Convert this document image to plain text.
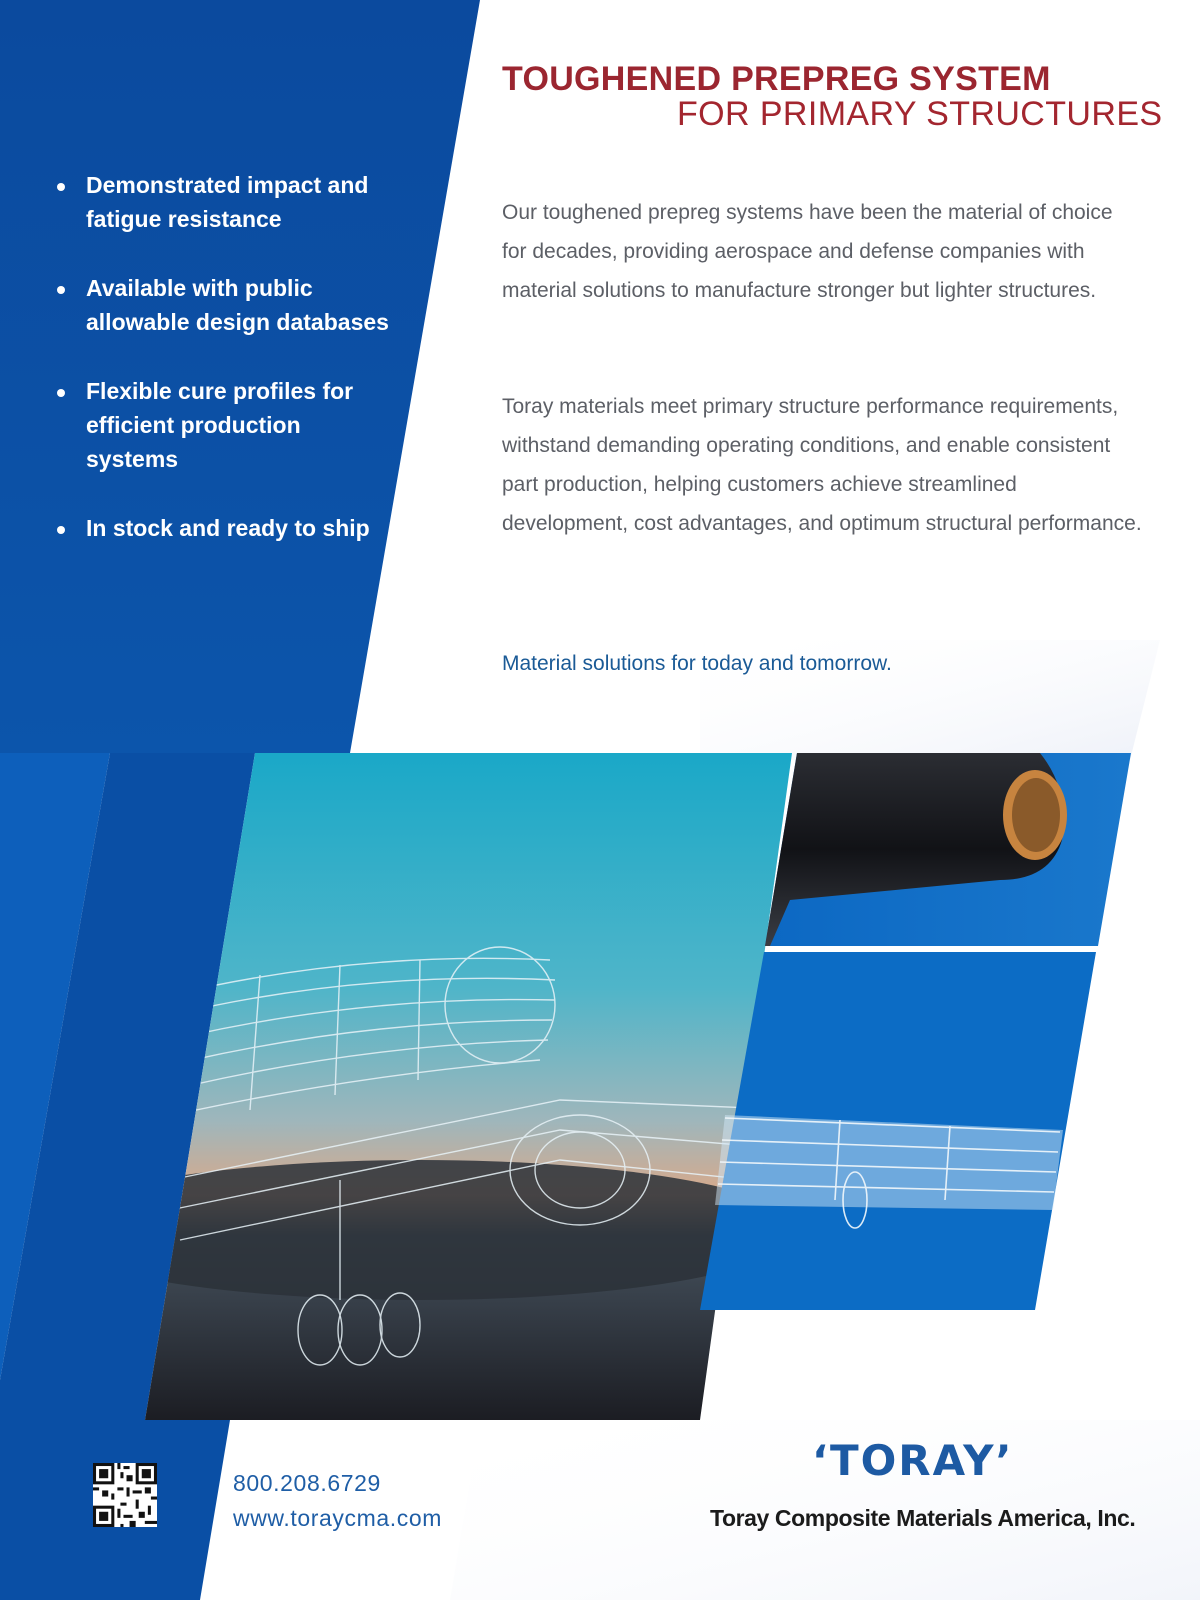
TOUGHENED PREPREG SYSTEM
FOR PRIMARY STRUCTURES
Demonstrated impact and fatigue resistance
Available with public allowable design databases
Flexible cure profiles for efficient production systems
In stock and ready to ship

Our toughened prepreg systems have been the material of choice for decades, providing aerospace and defense companies with material solutions to manufacture stronger but lighter structures.

Toray materials meet primary structure performance requirements, withstand demanding operating conditions, and enable consistent part production, helping customers achieve streamlined development, cost advantages, and optimum structural performance.

Material solutions for today and tomorrow.
800.208.6729
www.toraycma.com
‘TORAY’
Toray Composite Materials America, Inc.
